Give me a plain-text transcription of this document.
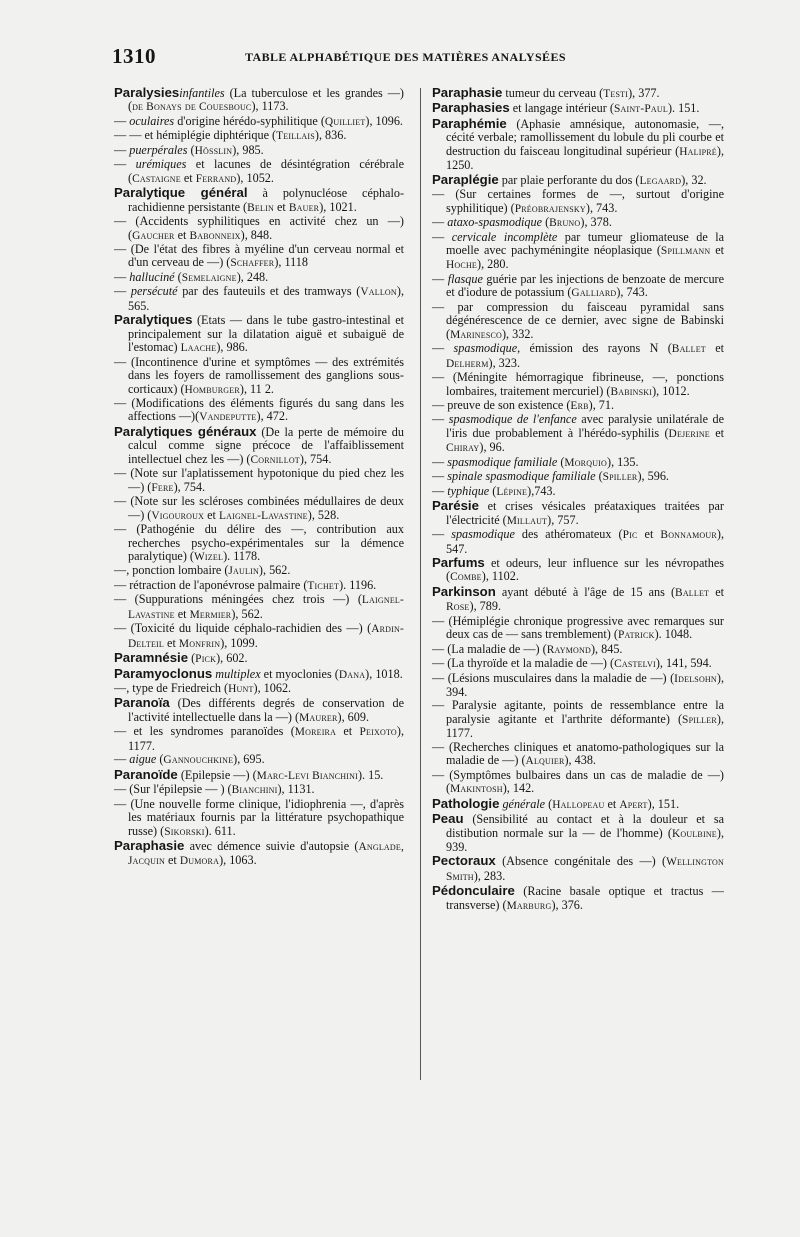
1310	TABLE ALPHABÉTIQUE DES MATIÈRES ANALYSÉES

Paralysiesinfantiles (La tuberculose et les grandes —) (de Bonays de Couesbouc), 1173.

— oculaires d'origine hérédo-syphilitique (Quilliet), 1096.

— — et hémiplégie diphtérique (Teillais), 836.

— puerpérales (Hösslin), 985.

— urémiques et lacunes de désintégration cérébrale (Castaigne et Ferrand), 1052.

Paralytique général à polynucléose céphalo-rachidienne persistante (Belin et Bauer), 1021.

— (Accidents syphilitiques en activité chez un —) (Gaucher et Babonneix), 848.

— (De l'état des fibres à myéline d'un cerveau normal et d'un cerveau de —) (Schaffer), 1118

— halluciné (Semelaigne), 248.

— persécuté par des fauteuils et des tramways (Vallon), 565.

Paralytiques (Etats — dans le tube gastro-intestinal et principalement sur la dilatation aiguë et subaiguë de l'estomac) Laache), 986.

— (Incontinence d'urine et symptômes — des extrémités dans les foyers de ramollissement des ganglions sous-corticaux) (Homburger), 11 2.

— (Modifications des éléments figurés du sang dans les affections —)(Vandeputte), 472.

Paralytiques généraux (De la perte de mémoire du calcul comme signe précoce de l'affaiblissement intellectuel chez les —) (Cornillot), 754.

— (Note sur l'aplatissement hypotonique du pied chez les —) (Fere), 754.

— (Note sur les scléroses combinées médullaires de deux —) (Vigouroux et Laignel-Lavastine), 528.

— (Pathogénie du délire des —, contribution aux recherches psycho-expérimentales sur la démence paralytique) (Wizel). 1178.

—, ponction lombaire (Jaulin), 562.

— rétraction de l'aponévrose palmaire (Tichet). 1196.

— (Suppurations méningées chez trois —) (Laignel-Lavastine et Mermier), 562.

— (Toxicité du liquide céphalo-rachidien des —) (Ardin-Delteil et Monfrin), 1099.

Paramnésie (Pick), 602.

Paramyoclonus multiplex et myoclonies (Dana), 1018.

—, type de Friedreich (Hunt), 1062.

Paranoïa (Des différents degrés de conservation de l'activité intellectuelle dans la —) (Maurer), 609.

— et les syndromes paranoïdes (Moreira et Peixoto), 1177.

— aigue (Gannouchkine), 695.

Paranoïde (Epilepsie —) (Marc-Levi Bianchini). 15.

— (Sur l'épilepsie — ) (Bianchini), 1131.

— (Une nouvelle forme clinique, l'idiophrenia —, d'après les matériaux fournis par la littérature psychopathique russe) (Sikorski). 611.

Paraphasie avec démence suivie d'autopsie (Anglade, Jacquin et Dumora), 1063.

Paraphasie tumeur du cerveau (Testi), 377.

Paraphasies et langage intérieur (Saint-Paul). 151.

Paraphémie (Aphasie amnésique, autonomasie, —, cécité verbale; ramollissement du lobule du pli courbe et destruction du faisceau longitudinal supérieur (Halipré), 1250.

Paraplégie par plaie perforante du dos (Legaard), 32.

— (Sur certaines formes de —, surtout d'origine syphilitique) (Préobrajensky), 743.

— ataxo-spasmodique (Bruno), 378.

— cervicale incomplète par tumeur gliomateuse de la moelle avec pachyméningite néoplasique (Spillmann et Hoche), 280.

— flasque guérie par les injections de benzoate de mercure et d'iodure de potassium (Galliard), 743.

— par compression du faisceau pyramidal sans dégénérescence de ce dernier, avec signe de Babinski (Marinesco), 332.

— spasmodique, émission des rayons N (Ballet et Delherm), 323.

— (Méningite hémorragique fibrineuse, —, ponctions lombaires, traitement mercuriel) (Babinski), 1012.

— preuve de son existence (Erb), 71.

— spasmodique de l'enfance avec paralysie unilatérale de l'iris due probablement à l'hérédo-syphilis (Dejerine et Chiray), 96.

— spasmodique familiale (Morquio), 135.

— spinale spasmodique familiale (Spiller), 596.

— typhique (Lépine),743.

Parésie et crises vésicales préataxiques traitées par l'électricité (Millaut), 757.

— spasmodique des athéromateux (Pic et Bonnamour), 547.

Parfums et odeurs, leur influence sur les névropathes (Combe), 1102.

Parkinson ayant débuté à l'âge de 15 ans (Ballet et Rose), 789.

— (Hémiplégie chronique progressive avec remarques sur deux cas de — sans tremblement) (Patrick). 1048.

— (La maladie de —) (Raymond), 845.

— (La thyroïde et la maladie de —) (Castelvi), 141, 594.

— (Lésions musculaires dans la maladie de —) (Idelsohn), 394.

— Paralysie agitante, points de ressemblance entre la paralysie agitante et l'arthrite déformante) (Spiller), 1177.

— (Recherches cliniques et anatomo-pathologiques sur la maladie de —) (Alquier), 438.

— (Symptômes bulbaires dans un cas de maladie de —) (Makintosh), 142.

Pathologie générale (Hallopeau et Apert), 151.

Peau (Sensibilité au contact et à la douleur et sa distibution normale sur la — de l'homme) (Koulbine), 939.

Pectoraux (Absence congénitale des —) (Wellington Smith), 283.

Pédonculaire (Racine basale optique et tractus — transverse) (Marburg), 376.
